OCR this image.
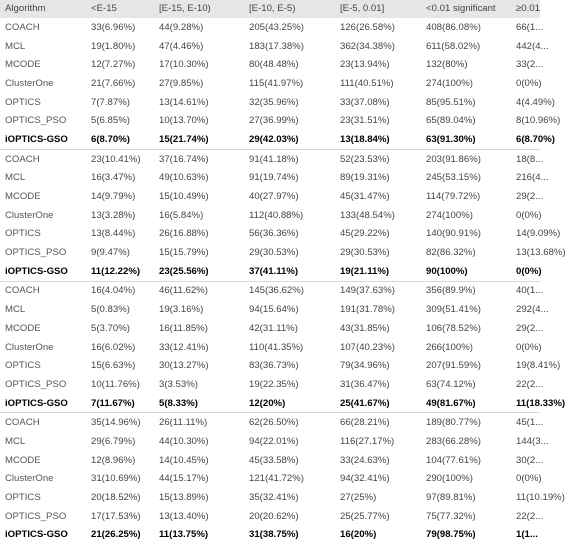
Algorithm	<E-15	[E-15, E-10)	[E-10, E-5)	[E-5, 0.01]	<0.01 significant	≥0.01
COACH	33(6.96%)	44(9.28%)	205(43.25%)	126(26.58%)	408(86.08%)	66(1...
MCL	19(1.80%)	47(4.46%)	183(17.38%)	362(34.38%)	611(58.02%)	442(4...
MCODE	12(7.27%)	17(10.30%)	80(48.48%)	23(13.94%)	132(80%)	33(2...
ClusterOne	21(7.66%)	27(9.85%)	115(41.97%)	111(40.51%)	274(100%)	0(0%)
OPTICS	7(7.87%)	13(14.61%)	32(35.96%)	33(37.08%)	85(95.51%)	4(4.49%)
OPTICS_PSO	5(6.85%)	10(13.70%)	27(36.99%)	23(31.51%)	65(89.04%)	8(10.96%)
iOPTICS-GSO	6(8.70%)	15(21.74%)	29(42.03%)	13(18.84%)	63(91.30%)	6(8.70%)
COACH	23(10.41%)	37(16.74%)	91(41.18%)	52(23.53%)	203(91.86%)	18(8...
MCL	16(3.47%)	49(10.63%)	91(19.74%)	89(19.31%)	245(53.15%)	216(4...
MCODE	14(9.79%)	15(10.49%)	40(27.97%)	45(31.47%)	114(79.72%)	29(2...
ClusterOne	13(3.28%)	16(5.84%)	112(40.88%)	133(48.54%)	274(100%)	0(0%)
OPTICS	13(8.44%)	26(16.88%)	56(36.36%)	45(29.22%)	140(90.91%)	14(9.09%)
OPTICS_PSO	9(9.47%)	15(15.79%)	29(30.53%)	29(30.53%)	82(86.32%)	13(13.68%)
iOPTICS-GSO	11(12.22%)	23(25.56%)	37(41.11%)	19(21.11%)	90(100%)	0(0%)
COACH	16(4.04%)	46(11.62%)	145(36.62%)	149(37.63%)	356(89.9%)	40(1...
MCL	5(0.83%)	19(3.16%)	94(15.64%)	191(31.78%)	309(51.41%)	292(4...
MCODE	5(3.70%)	16(11.85%)	42(31.11%)	43(31.85%)	106(78.52%)	29(2...
ClusterOne	16(6.02%)	33(12.41%)	110(41.35%)	107(40.23%)	266(100%)	0(0%)
OPTICS	15(6.63%)	30(13.27%)	83(36.73%)	79(34.96%)	207(91.59%)	19(8.41%)
OPTICS_PSO	10(11.76%)	3(3.53%)	19(22.35%)	31(36.47%)	63(74.12%)	22(2...
iOPTICS-GSO	7(11.67%)	5(8.33%)	12(20%)	25(41.67%)	49(81.67%)	11(18.33%)
COACH	35(14.96%)	26(11.11%)	62(26.50%)	66(28.21%)	189(80.77%)	45(1...
MCL	29(6.79%)	44(10.30%)	94(22.01%)	116(27.17%)	283(66.28%)	144(3...
MCODE	12(8.96%)	14(10.45%)	45(33.58%)	33(24.63%)	104(77.61%)	30(2...
ClusterOne	31(10.69%)	44(15.17%)	121(41.72%)	94(32.41%)	290(100%)	0(0%)
OPTICS	20(18.52%)	15(13.89%)	35(32.41%)	27(25%)	97(89.81%)	11(10.19%)
OPTICS_PSO	17(17.53%)	13(13.40%)	20(20.62%)	25(25.77%)	75(77.32%)	22(2...
iOPTICS-GSO	21(26.25%)	11(13.75%)	31(38.75%)	16(20%)	79(98.75%)	1(1...
